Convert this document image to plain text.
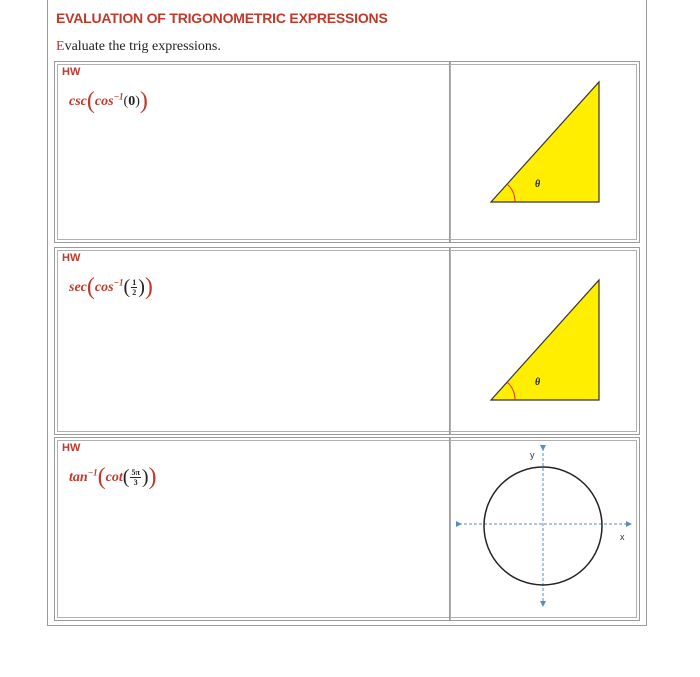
EVALUATION OF TRIGONOMETRIC EXPRESSIONS
Evaluate the trig expressions.
HW
$\csc(\cos^{-1}(0))$
θ
HW
$\sec(\cos^{-1}( \frac{1}{2}$ ))
θ
HW
$\tan^{-1}(\cot( \frac{5\pi}{3}$ ))
x
y
